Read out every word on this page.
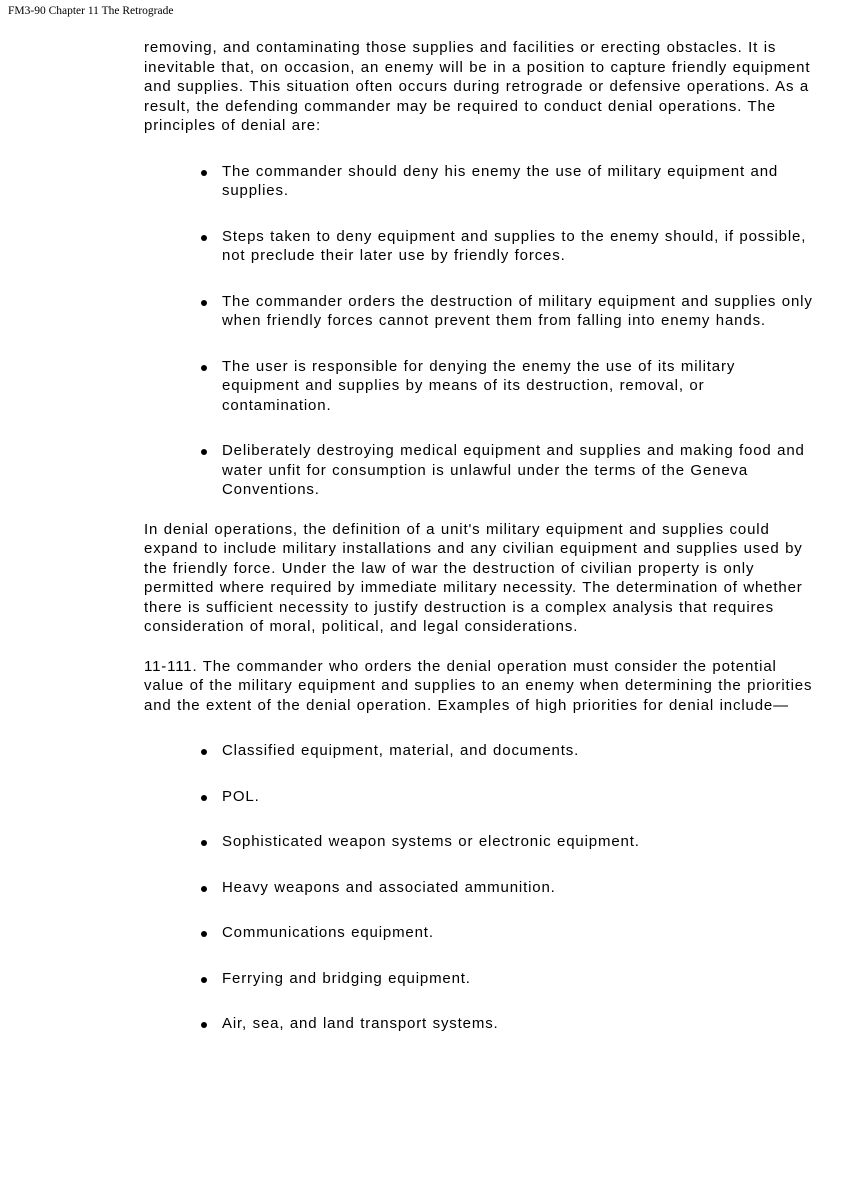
FM3-90 Chapter 11 The Retrograde

removing, and contaminating those supplies and facilities or erecting obstacles. It is inevitable that, on occasion, an enemy will be in a position to capture friendly equipment and supplies. This situation often occurs during retrograde or defensive operations. As a result, the defending commander may be required to conduct denial operations. The principles of denial are:

The commander should deny his enemy the use of military equipment and supplies.
Steps taken to deny equipment and supplies to the enemy should, if possible, not preclude their later use by friendly forces.
The commander orders the destruction of military equipment and supplies only when friendly forces cannot prevent them from falling into enemy hands.
The user is responsible for denying the enemy the use of its military equipment and supplies by means of its destruction, removal, or contamination.
Deliberately destroying medical equipment and supplies and making food and water unfit for consumption is unlawful under the terms of the Geneva Conventions.

In denial operations, the definition of a unit's military equipment and supplies could expand to include military installations and any civilian equipment and supplies used by the friendly force. Under the law of war the destruction of civilian property is only permitted where required by immediate military necessity. The determination of whether there is sufficient necessity to justify destruction is a complex analysis that requires consideration of moral, political, and legal considerations.

11-111. The commander who orders the denial operation must consider the potential value of the military equipment and supplies to an enemy when determining the priorities and the extent of the denial operation. Examples of high priorities for denial include—

Classified equipment, material, and documents.
POL.
Sophisticated weapon systems or electronic equipment.
Heavy weapons and associated ammunition.
Communications equipment.
Ferrying and bridging equipment.
Air, sea, and land transport systems.
